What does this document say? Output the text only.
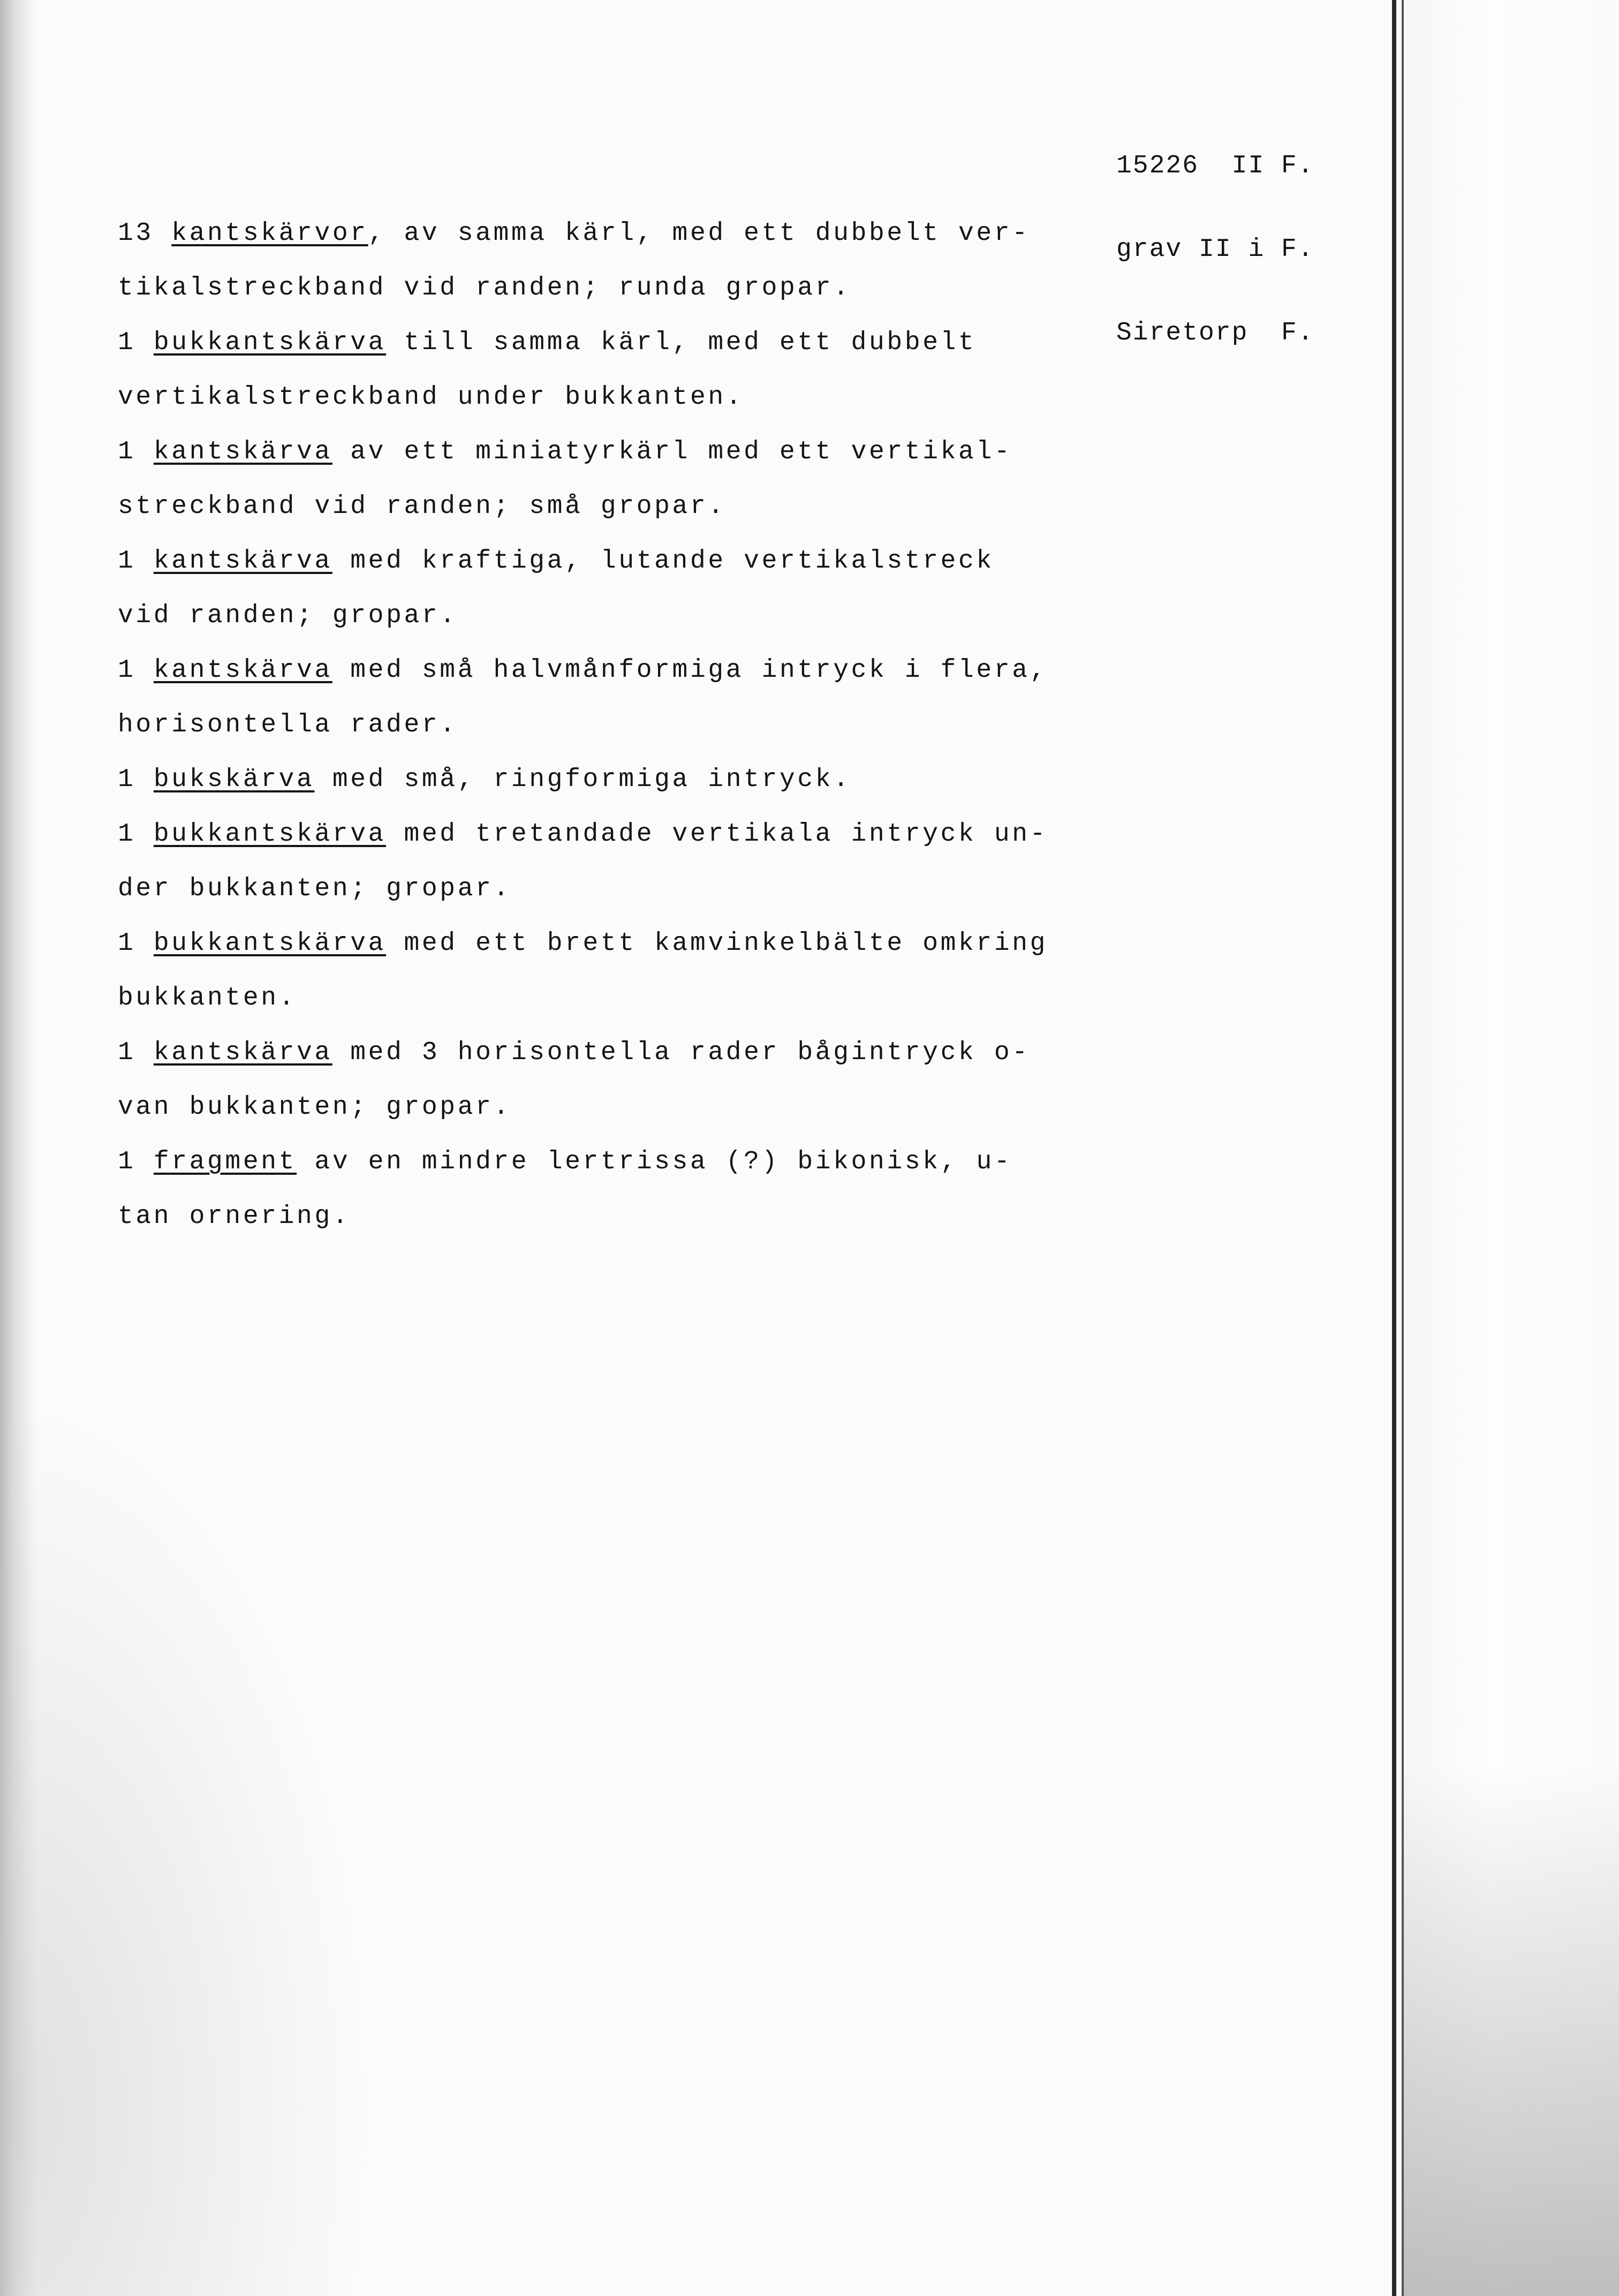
15226  II F.

grav II i F.

Siretorp  F.

13 kantskärvor, av samma kärl, med ett dubbelt ver-
tikalstreckband vid randen; runda gropar.
1 bukkantskärva till samma kärl, med ett dubbelt
vertikalstreckband under bukkanten.
1 kantskärva av ett miniatyrkärl med ett vertikal-
streckband vid randen; små gropar.
1 kantskärva med kraftiga, lutande vertikalstreck
vid randen; gropar.
1 kantskärva med små halvmånformiga intryck i flera,
horisontella rader.
1 bukskärva med små, ringformiga intryck.
1 bukkantskärva med tretandade vertikala intryck un-
der bukkanten; gropar.
1 bukkantskärva med ett brett kamvinkelbälte omkring
bukkanten.
1 kantskärva med 3 horisontella rader bågintryck o-
van bukkanten; gropar.
1 fragment av en mindre lertrissa (?) bikonisk, u-
tan ornering.
